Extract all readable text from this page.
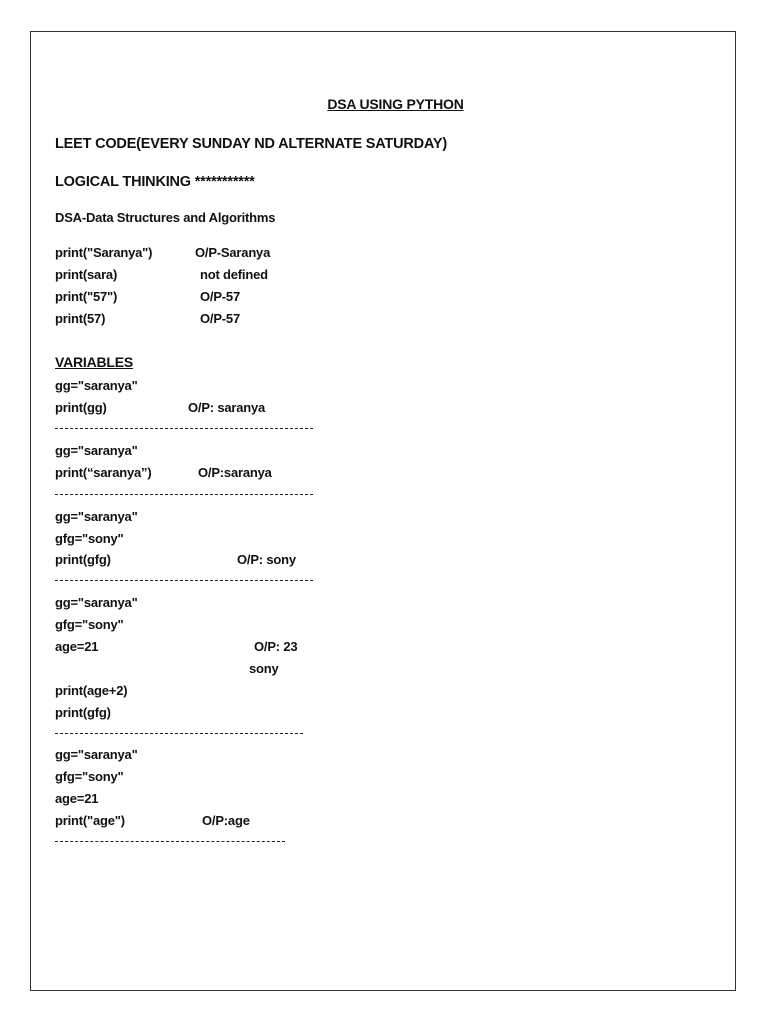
DSA USING PYTHON
LEET CODE(EVERY SUNDAY ND ALTERNATE SATURDAY)
LOGICAL THINKING ***********
DSA-Data Structures and Algorithms
print("Saranya")	O/P-Saranya
print(sara)	not defined
print("57")	O/P-57
print(57)	O/P-57
VARIABLES
gg="saranya"
print(gg)	O/P: saranya
gg="saranya"
print(“saranya”)	O/P:saranya
gg="saranya"
gfg="sony"
print(gfg)	O/P: sony
gg="saranya"
gfg="sony"
age=21	O/P: 23
sony
print(age+2)
print(gfg)
gg="saranya"
gfg="sony"
age=21
print("age")	O/P:age
